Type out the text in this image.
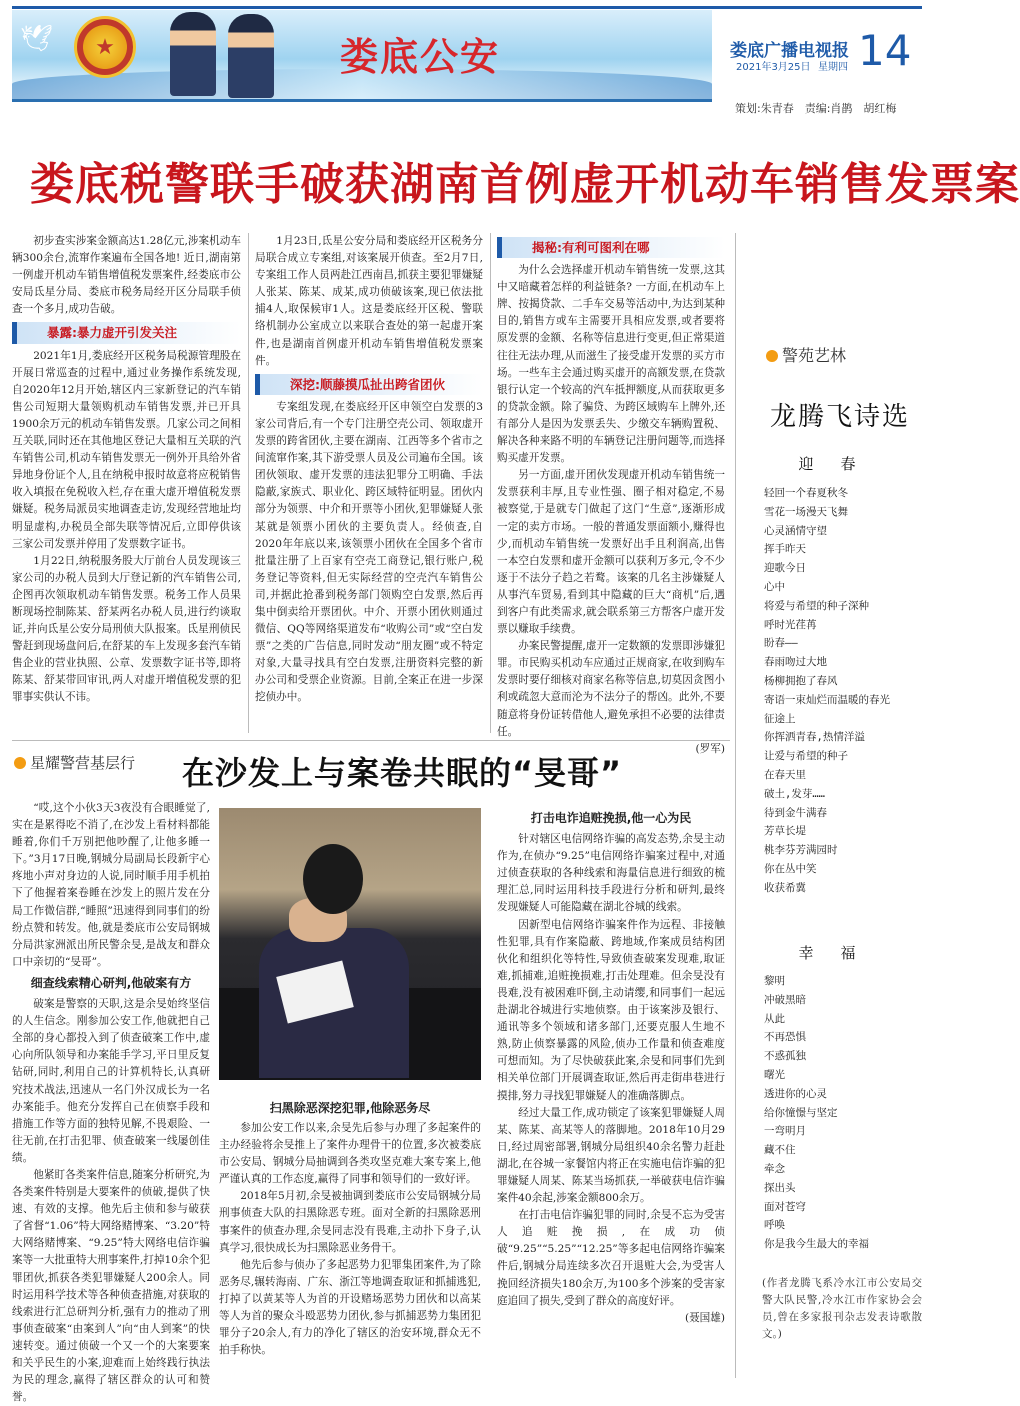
🕊	★	娄底公安	娄底广播电视报 14
2021年3月25日 星期四
策划:朱青春　责编:肖鹊　胡红梅
娄底税警联手破获湖南首例虚开机动车销售发票案

初步查实涉案金额高达1.28亿元,涉案机动车辆300余台,流窜作案遍布全国各地! 近日,湖南第一例虚开机动车销售增值税发票案件,经娄底市公安局氐星分局、娄底市税务局经开区分局联手侦查一个多月,成功告破。

暴露:暴力虚开引发关注

2021年1月,娄底经开区税务局税源管理股在开展日常巡查的过程中,通过业务操作系统发现,自2020年12月开始,辖区内三家新登记的汽车销售公司短期大量领购机动车销售发票,并已开具1900余万元的机动车销售发票。几家公司之间相互关联,同时还在其他地区登记大量相互关联的汽车销售公司,机动车销售发票无一例外开具给外省异地身份证个人,且在纳税申报时故意将应税销售收入填报在免税收入栏,存在重大虚开增值税发票嫌疑。税务局派员实地调查走访,发现经营地址均明显虚构,办税员全部失联等情况后,立即停供该三家公司发票并停用了发票数字证书。

1月22日,纳税服务股大厅前台人员发现该三家公司的办税人员到大厅登记新的汽车销售公司,企图再次领取机动车销售发票。税务工作人员果断现场控制陈某、舒某两名办税人员,进行约谈取证,并向氐星公安分局刑侦大队报案。氐星刑侦民警赶到现场盘问后,在舒某的车上发现多套汽车销售企业的营业执照、公章、发票数字证书等,即将陈某、舒某带回审讯,两人对虚开增值税发票的犯罪事实供认不讳。

1月23日,氐星公安分局和娄底经开区税务分局联合成立专案组,对该案展开侦查。至2月7日,专案组工作人员两赴江西南昌,抓获主要犯罪嫌疑人张某、陈某、成某,成功侦破该案,现已依法批捕4人,取保候审1人。这是娄底经开区税、警联络机制办公室成立以来联合查处的第一起虚开案件,也是湖南首例虚开机动车销售增值税发票案件。

深挖:顺藤摸瓜扯出跨省团伙

专案组发现,在娄底经开区申领空白发票的3家公司背后,有一个专门注册空壳公司、领取虚开发票的跨省团伙,主要在湖南、江西等多个省市之间流窜作案,其下游受票人员及公司遍布全国。该团伙领取、虚开发票的违法犯罪分工明确、手法隐蔽,家族式、职业化、跨区域特征明显。团伙内部分为领票、中介和开票等小团伙,犯罪嫌疑人张某就是领票小团伙的主要负责人。经侦查,自2020年年底以来,该领票小团伙在全国多个省市批量注册了上百家有空壳工商登记,银行账户,税务登记等资料,但无实际经营的空壳汽车销售公司,并据此抢番到税务部门领购空白发票,然后再集中倒卖给开票团伙。中介、开票小团伙则通过微信、QQ等网络渠道发布“收购公司”或“空白发票”之类的广告信息,同时发动“朋友圈”或不特定对象,大量寻找具有空白发票,注册资料完整的新办公司和受票企业资源。目前,全案正在进一步深挖侦办中。

揭秘:有利可图利在哪

为什么会选择虚开机动车销售统一发票,这其中又暗藏着怎样的利益链条? 一方面,在机动车上牌、按揭贷款、二手车交易等活动中,为达到某种目的,销售方或车主需要开具相应发票,或者要将原发票的金额、名称等信息进行变更,但正常渠道往往无法办理,从而滋生了接受虚开发票的买方市场。一些车主会通过购买虚开的高额发票,在贷款银行认定一个较高的汽车抵押额度,从而获取更多的贷款金额。除了骗贷、为跨区域购车上牌外,还有部分人是因为发票丢失、少缴交车辆购置税、解决各种来路不明的车辆登记注册问题等,而选择购买虚开发票。

另一方面,虚开团伙发现虚开机动车销售统一发票获利丰厚,且专业性强、圈子相对稳定,不易被察觉,于是就专门做起了这门“生意”,逐渐形成一定的卖方市场。一般的普通发票面额小,赚得也少,而机动车销售统一发票好出手且利润高,出售一本空白发票和虚开金额可以获利万多元,令不少逐于不法分子趋之若鹜。该案的几名主涉嫌疑人从事汽车贸易,看到其中隐藏的巨大“商机”后,遇到客户有此类需求,就会联系第三方帮客户虚开发票以赚取手续费。

办案民警提醒,虚开一定数额的发票即涉嫌犯罪。市民购买机动车应通过正规商家,在收到购车发票时要仔细核对商家名称等信息,切莫因贪图小利或疏忽大意而沦为不法分子的帮凶。此外,不要随意将身份证转借他人,避免承担不必要的法律责任。

(罗军)
星耀警营基层行 在沙发上与案卷共眠的“旻哥”

“哎,这个小伙3天3夜没有合眼睡觉了,实在是累得吃不消了,在沙发上看材料都能睡着,你们千万别把他吵醒了,让他多睡一下。”3月17日晚,钢城分局副局长段新宇心疼地小声对身边的人说,同时顺手用手机拍下了他握着案卷睡在沙发上的照片发在分局工作微信群,“睡照”迅速得到同事们的纷纷点赞和转发。他,就是娄底市公安局钢城分局洪家洲派出所民警余旻,是战友和群众口中亲切的“旻哥”。

细查线索精心研判,他破案有方

破案是警察的天职,这是余旻始终坚信的人生信念。刚参加公安工作,他就把自己全部的身心都投入到了侦查破案工作中,虚心向所队领导和办案能手学习,平日里反复钻研,同时,利用自己的计算机特长,认真研究技术战法,迅速从一名门外汉成长为一名办案能手。他充分发挥自己在侦察手段和措施工作等方面的独特见解,不畏艰险、一往无前,在打击犯罪、侦查破案一线屡创佳绩。

他紧盯各类案件信息,随案分析研究,为各类案件特别是大要案件的侦破,提供了快速、有效的支撑。他先后主侦和参与破获了省督“1.06”特大网络赌博案、“3.20”特大网络赌博案、“9.25”特大网络电信诈骗案等一大批重特大刑事案件,打掉10余个犯罪团伙,抓获各类犯罪嫌疑人200余人。同时运用科学技术等各种侦查措施,对获取的线索进行汇总研判分析,强有力的推动了刑事侦查破案“由案到人”向“由人到案”的快速转变。通过侦破一个又一个的大案要案和关乎民生的小案,迎难而上始终践行执法为民的理念,赢得了辖区群众的认可和赞誉。

扫黑除恶深挖犯罪,他除恶务尽

参加公安工作以来,余旻先后参与办理了多起案件的主办经验将余旻推上了案件办理骨干的位置,多次被娄底市公安局、钢城分局抽调到各类攻坚克难大案专案上,他严谨认真的工作态度,赢得了同事和领导们的一致好评。

2018年5月初,余旻被抽调到娄底市公安局钢城分局刑事侦查大队的扫黑除恶专班。面对全新的扫黑除恶刑事案件的侦查办理,余旻同志没有畏难,主动扑下身子,认真学习,很快成长为扫黑除恶业务骨干。

他先后参与侦办了多起恶势力犯罪集团案件,为了除恶务尽,辗转海南、广东、浙江等地调查取证和抓捕逃犯,打掉了以黄某等人为首的开设赌场恶势力团伙和以高某等人为首的聚众斗殴恶势力团伙,参与抓捕恶势力集团犯罪分子20余人,有力的净化了辖区的治安环境,群众无不拍手称快。

打击电诈追赃挽损,他一心为民

针对辖区电信网络诈骗的高发态势,余旻主动作为,在侦办“9.25”电信网络诈骗案过程中,对通过侦查获取的各种线索和海量信息进行细致的梳理汇总,同时运用科技手段进行分析和研判,最终发现嫌疑人可能隐藏在湖北谷城的线索。

因新型电信网络诈骗案件作为远程、非接触性犯罪,具有作案隐蔽、跨地域,作案成员结构团伙化和组织化等特性,导致侦查破案发现难,取证难,抓捕难,追赃挽损难,打击处理难。但余旻没有畏难,没有被困难吓倒,主动请缨,和同事们一起远赴湖北谷城进行实地侦察。由于该案涉及银行、通讯等多个领域和诸多部门,还要克服人生地不熟,防止侦察暴露的风险,侦办工作量和侦查难度可想而知。为了尽快破获此案,余旻和同事们先到相关单位部门开展调查取证,然后再走街串巷进行摸排,努力寻找犯罪嫌疑人的准确落脚点。

经过大量工作,成功锁定了该案犯罪嫌疑人周某、陈某、高某等人的落脚地。2018年10月29日,经过周密部署,钢城分局组织40余名警力赶赴湖北,在谷城一家餐馆内将正在实施电信诈骗的犯罪嫌疑人周某、陈某当场抓获,一举破获电信诈骗案件40余起,涉案金额800余万。

在打击电信诈骗犯罪的同时,余旻不忘为受害人追赃挽损,在成功侦破“9.25”“5.25”“12.25”等多起电信网络诈骗案件后,钢城分局连续多次召开退赃大会,为受害人挽回经济损失180余万,为100多个涉案的受害家庭追回了损失,受到了群众的高度好评。

(聂国雄)
警苑艺林
龙腾飞诗选
迎　春
轻回一个春夏秋冬
雪花一场漫天飞舞
心灵涵情守望
挥手昨天
迎歌今日
心中
将爱与希望的种子深种
呼时光荏苒
盼春——
春雨吻过大地
杨柳拥抱了春风
寄语一束灿烂而温暖的春光
征途上
你挥洒青春,热情洋溢
让爱与希望的种子
在春天里
破土,发芽……
待到金牛满春
芳草长堤
桃李芬芳满园时
你在丛中笑
收获希冀
幸　福
黎明
冲破黑暗
从此
不再恐惧
不惑孤独
曙光
透进你的心灵
给你憧憬与坚定
一弯明月
藏不住
牵念
探出头
面对苍穹
呼唤
你是我今生最大的幸福
(作者龙腾飞系冷水江市公安局交警大队民警,冷水江市作家协会会员,曾在多家报刊杂志发表诗歌散文。)
